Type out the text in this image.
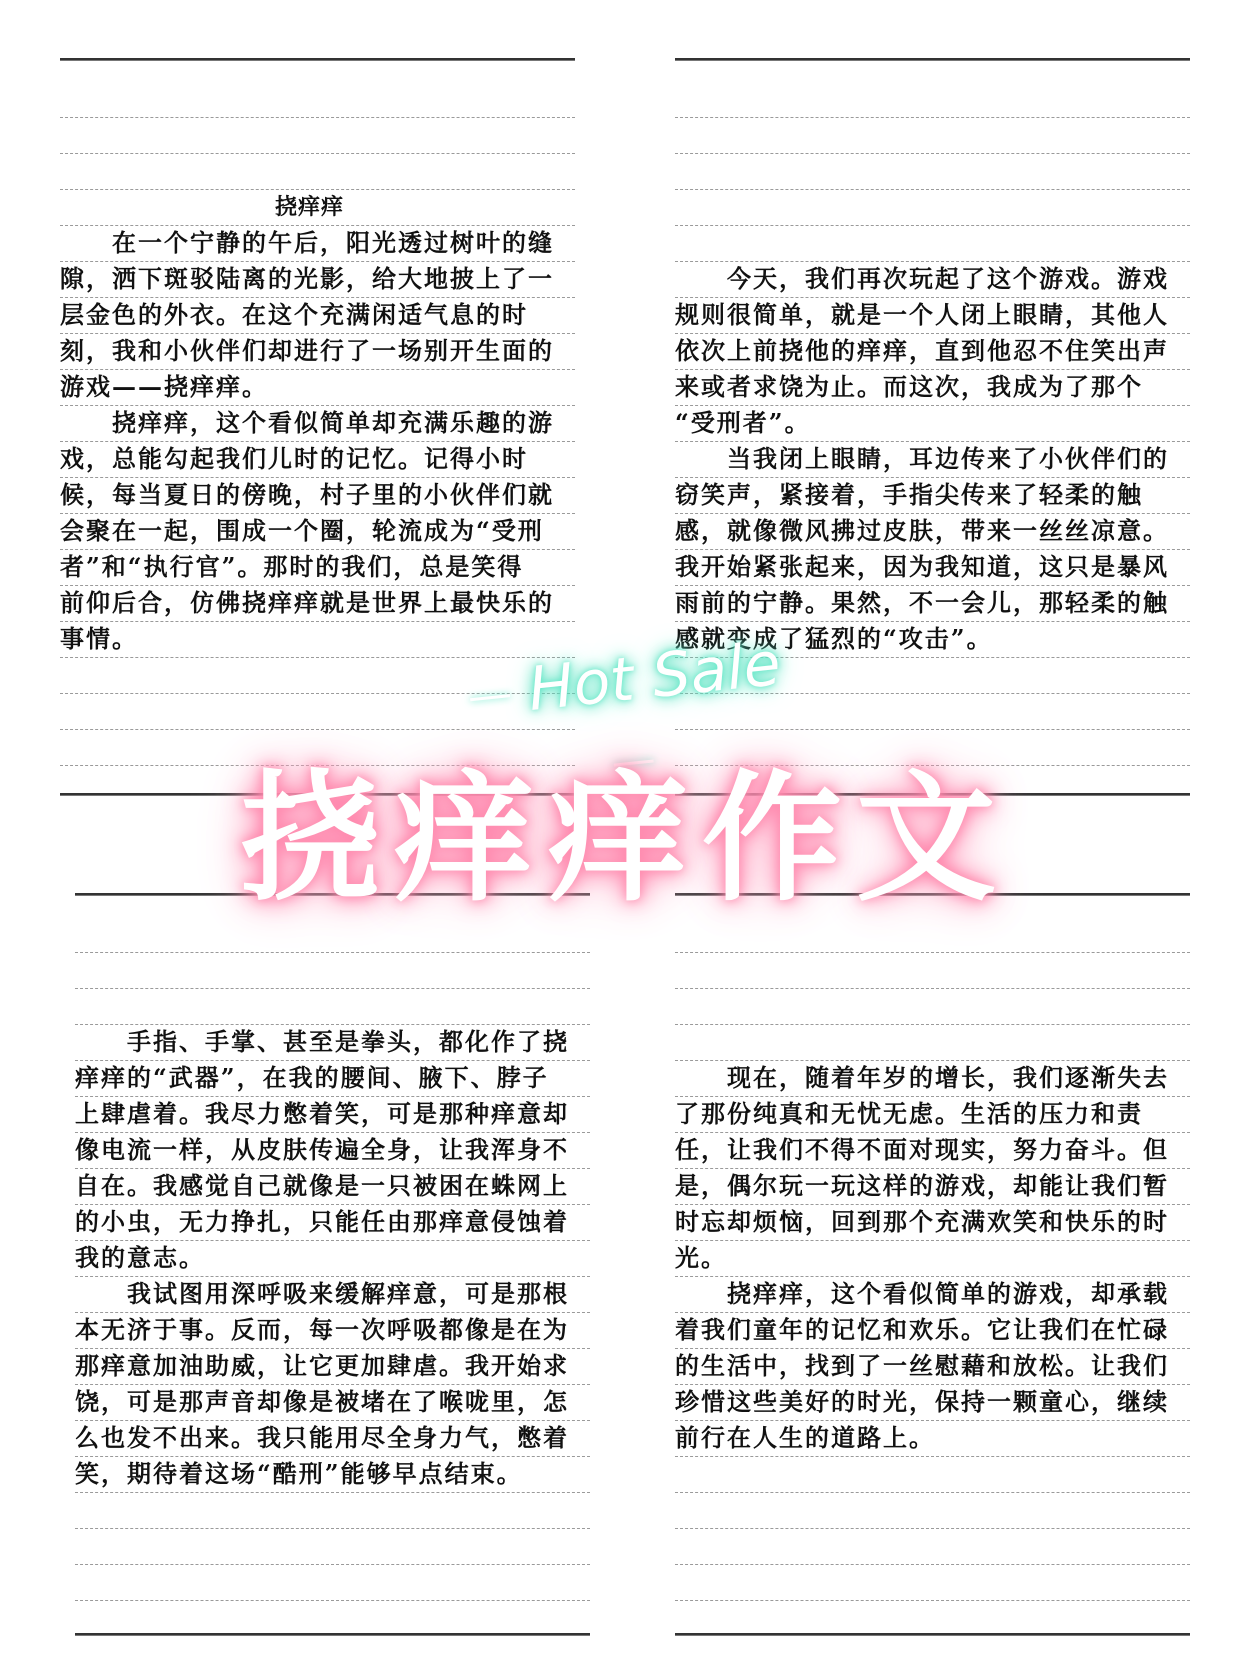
挠痒痒
　　在一个宁静的午后，阳光透过树叶的缝
隙，洒下斑驳陆离的光影，给大地披上了一
层金色的外衣。在这个充满闲适气息的时
刻，我和小伙伴们却进行了一场别开生面的
游戏——挠痒痒。
　　挠痒痒，这个看似简单却充满乐趣的游
戏，总能勾起我们儿时的记忆。记得小时
候，每当夏日的傍晚，村子里的小伙伴们就
会聚在一起，围成一个圈，轮流成为“受刑
者”和“执行官”。那时的我们，总是笑得
前仰后合，仿佛挠痒痒就是世界上最快乐的
事情。
　　今天，我们再次玩起了这个游戏。游戏
规则很简单，就是一个人闭上眼睛，其他人
依次上前挠他的痒痒，直到他忍不住笑出声
来或者求饶为止。而这次，我成为了那个
“受刑者”。
　　当我闭上眼睛，耳边传来了小伙伴们的
窃笑声，紧接着，手指尖传来了轻柔的触
感，就像微风拂过皮肤，带来一丝丝凉意。
我开始紧张起来，因为我知道，这只是暴风
雨前的宁静。果然，不一会儿，那轻柔的触
感就变成了猛烈的“攻击”。
　　手指、手掌、甚至是拳头，都化作了挠
痒痒的“武器”，在我的腰间、腋下、脖子
上肆虐着。我尽力憋着笑，可是那种痒意却
像电流一样，从皮肤传遍全身，让我浑身不
自在。我感觉自己就像是一只被困在蛛网上
的小虫，无力挣扎，只能任由那痒意侵蚀着
我的意志。
　　我试图用深呼吸来缓解痒意，可是那根
本无济于事。反而，每一次呼吸都像是在为
那痒意加油助威，让它更加肆虐。我开始求
饶，可是那声音却像是被堵在了喉咙里，怎
么也发不出来。我只能用尽全身力气，憋着
笑，期待着这场“酷刑”能够早点结束。
　　现在，随着年岁的增长，我们逐渐失去
了那份纯真和无忧无虑。生活的压力和责
任，让我们不得不面对现实，努力奋斗。但
是，偶尔玩一玩这样的游戏，却能让我们暂
时忘却烦恼，回到那个充满欢笑和快乐的时
光。
　　挠痒痒，这个看似简单的游戏，却承载
着我们童年的记忆和欢乐。它让我们在忙碌
的生活中，找到了一丝慰藉和放松。让我们
珍惜这些美好的时光，保持一颗童心，继续
前行在人生的道路上。
Hot Sale
挠痒痒作文
